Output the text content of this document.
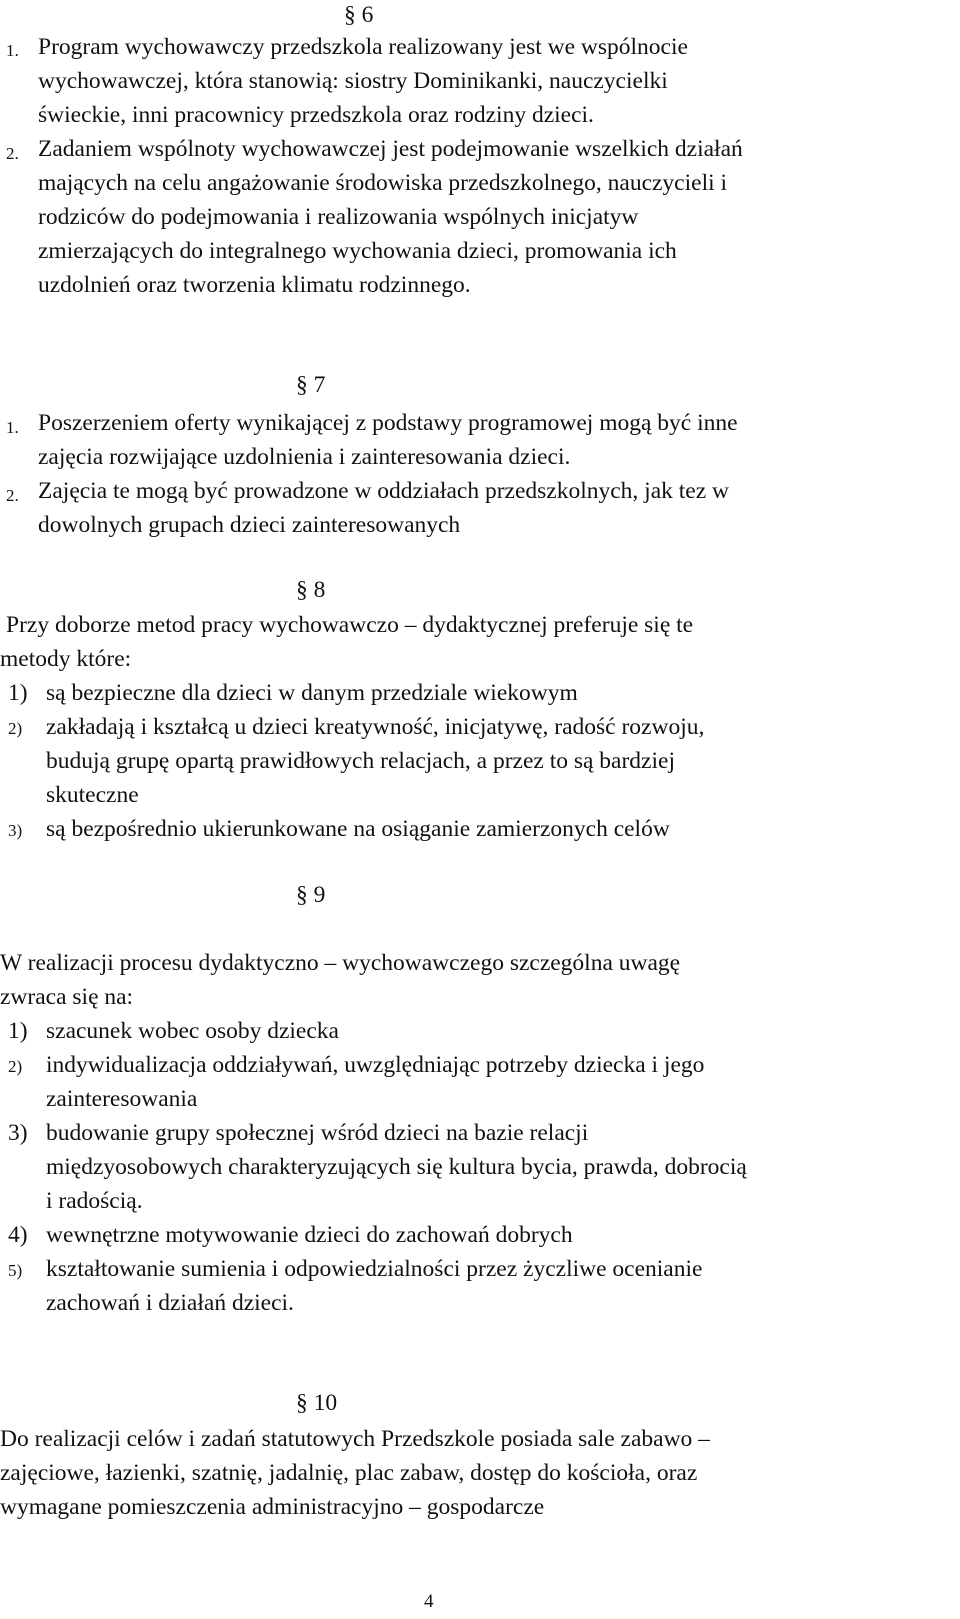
§ 6
1. Program wychowawczy przedszkola realizowany jest we wspólnocie
wychowawczej, która stanowią: siostry Dominikanki, nauczycielki
świeckie, inni pracownicy przedszkola oraz rodziny dzieci.
2. Zadaniem wspólnoty wychowawczej jest podejmowanie wszelkich działań
mających na celu angażowanie środowiska przedszkolnego, nauczycieli i
rodziców do podejmowania i realizowania wspólnych inicjatyw
zmierzających do integralnego wychowania dzieci, promowania ich
uzdolnień oraz tworzenia klimatu rodzinnego.
§ 7
1. Poszerzeniem oferty wynikającej z podstawy programowej mogą być inne
zajęcia rozwijające uzdolnienia i zainteresowania dzieci.
2. Zajęcia te mogą być prowadzone w oddziałach przedszkolnych, jak tez w
dowolnych grupach dzieci zainteresowanych
§ 8
Przy doborze metod pracy wychowawczo – dydaktycznej preferuje się te
metody które:
1) są bezpieczne dla dzieci w danym przedziale wiekowym
2) zakładają i kształcą u dzieci kreatywność, inicjatywę, radość rozwoju,
budują grupę opartą prawidłowych relacjach, a przez to są bardziej
skuteczne
3) są bezpośrednio ukierunkowane na osiąganie zamierzonych celów
§ 9
W realizacji procesu dydaktyczno – wychowawczego szczególna uwagę
zwraca się na:
1) szacunek wobec osoby dziecka
2) indywidualizacja oddziaływań, uwzględniając potrzeby dziecka i jego
zainteresowania
3) budowanie grupy społecznej wśród dzieci na bazie relacji
międzyosobowych charakteryzujących się kultura bycia, prawda, dobrocią
i radością.
4) wewnętrzne motywowanie dzieci do zachowań dobrych
5) kształtowanie sumienia i odpowiedzialności przez życzliwe ocenianie
zachowań i działań dzieci.
§ 10
Do realizacji celów i zadań statutowych Przedszkole posiada sale zabawo –
zajęciowe, łazienki, szatnię, jadalnię, plac zabaw, dostęp do kościoła, oraz
wymagane pomieszczenia administracyjno – gospodarcze
4
